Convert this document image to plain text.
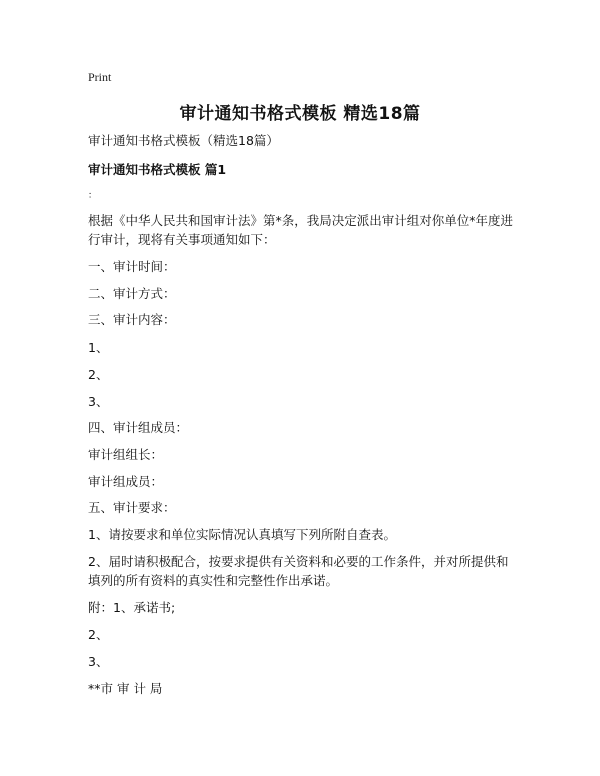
Print
审计通知书格式模板 精选18篇
审计通知书格式模板（精选18篇）
审计通知书格式模板 篇1
：
根据《中华人民共和国审计法》第*条，我局决定派出审计组对你单位*年度进行审计，现将有关事项通知如下：
一、审计时间：
二、审计方式：
三、审计内容：
1、
2、
3、
四、审计组成员：
审计组组长：
审计组成员：
五、审计要求：
1、请按要求和单位实际情况认真填写下列所附自查表。
2、届时请积极配合，按要求提供有关资料和必要的工作条件，并对所提供和填列的所有资料的真实性和完整性作出承诺。
附：1、承诺书;
2、
3、
**市 审 计 局
